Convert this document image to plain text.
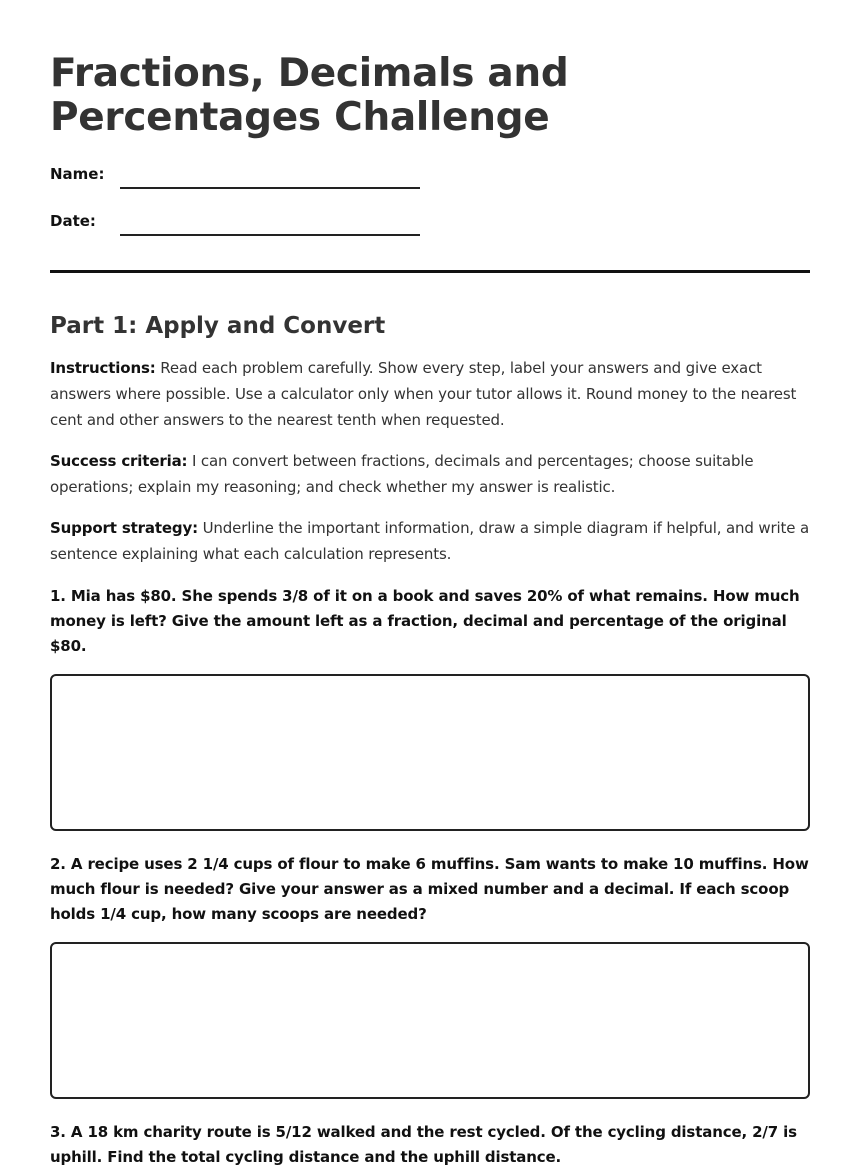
Fractions, Decimals and Percentages Challenge
Name:
Date:
Part 1: Apply and Convert

Instructions: Read each problem carefully. Show every step, label your answers and give exact answers where possible. Use a calculator only when your tutor allows it. Round money to the nearest cent and other answers to the nearest tenth when requested.

Success criteria: I can convert between fractions, decimals and percentages; choose suitable operations; explain my reasoning; and check whether my answer is realistic.

Support strategy: Underline the important information, draw a simple diagram if helpful, and write a sentence explaining what each calculation represents.

1. Mia has $80. She spends 3/8 of it on a book and saves 20% of what remains. How much money is left? Give the amount left as a fraction, decimal and percentage of the original $80.

2. A recipe uses 2 1/4 cups of flour to make 6 muffins. Sam wants to make 10 muffins. How much flour is needed? Give your answer as a mixed number and a decimal. If each scoop holds 1/4 cup, how many scoops are needed?

3. A 18 km charity route is 5/12 walked and the rest cycled. Of the cycling distance, 2/7 is uphill. Find the total cycling distance and the uphill distance.
